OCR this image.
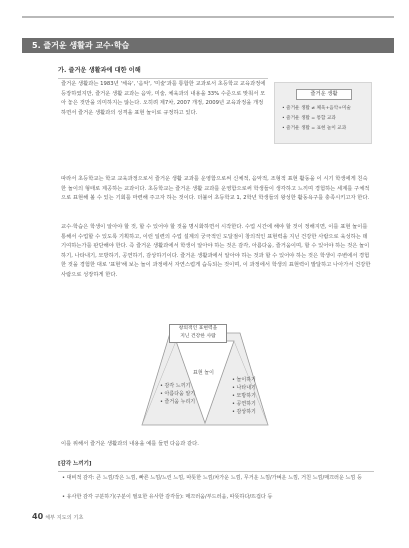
5. 즐거운 생활과 교수·학습
가. 즐거운 생활과에 대한 이해

즐거운 생활과는 1983년 '체육', '음악', '미술'과를 통합한 교과로서 초등학교 교육과정에 등장하였지만, 즐거운 생활 교과는 음악, 미술, 체육과의 내용을 33% 수준으로 맞춰서 모아 놓은 것만을 의미하지는 않는다. 오히려 제7차, 2007 개정, 2009년 교육과정을 개정하면서 즐거운 생활과의 성격을 표현 놀이로 규정하고 있다.

즐거운 생활
• 즐거운 생활 ≠ 체육+음악+미술
• 즐거운 생활 = 통합 교과
• 즐거운 생활 = 표현 놀이 교과

따라서 초등학교는 학교 교육과정으로서 즐거운 생활 교과를 운영함으로써 신체적, 음악적, 조형적 표현 활동을 이 시기 학생에게 친숙한 놀이의 형태로 제공하는 교과이다. 초등학교는 즐거운 생활 교과를 운영함으로써 학생들이 생각하고 느끼며 경험하는 세계를 구체적으로 표현해 볼 수 있는 기회를 마련해 주고자 하는 것이다. 더불어 초등학교 1, 2학년 학생들의 왕성한 활동욕구를 충족시키고자 한다.

교수·학습은 학생이 알아야 할 것, 할 수 있어야 할 것을 명시화하면서 시작한다. 수업 시간에 해야 할 것이 정해지면, 이를 표현 놀이를 통해서 수업할 수 있도록 기획하고, 이런 일련의 수업 설계의 궁극적인 도달점이 창의적인 표현력을 지닌 건강한 사람으로 육성하는 데 기여하는가를 판단해야 한다. 즉 즐거운 생활과에서 학생이 알아야 하는 것은 감각, 아름다움, 즐거움이며, 할 수 있어야 하는 것은 놀이하기, 나타내기, 모방하기, 공연하기, 감상하기이다. 즐거운 생활과에서 알아야 하는 것과 할 수 있어야 하는 것은 학생이 주변에서 경험한 것을 경험한 대로 '표현'해 보는 놀이 과정에서 자연스럽게 습득되는 것이며, 이 과정에서 학생의 표현력이 발달하고 나아가서 건강한 사람으로 성장하게 한다.

창의적인 표현력을
지닌 건강한 사람
표현 놀이
• 감각 느끼기
• 아름다움 알기
• 즐거움 누리기
• 놀이하기
• 나타내기
• 모방하기
• 공연하기
• 감상하기
이를 위해서 즐거운 생활과의 내용을 예를 들면 다음과 같다.
[감각 느끼기]
• 대비적 감각: 큰 느낌/작은 느낌, 빠른 느낌/느린 느낌, 따뜻한 느낌/차가운 느낌, 무거운 느낌/가벼운 느낌, 거친 느낌/매끄러운 느낌 등
• 유사한 감각 구분하기(구분이 필요한 유사한 감각들): 매끄러움/부드러움, 따뜻하다/뜨겁다 등
40 체부 지도의 기초
